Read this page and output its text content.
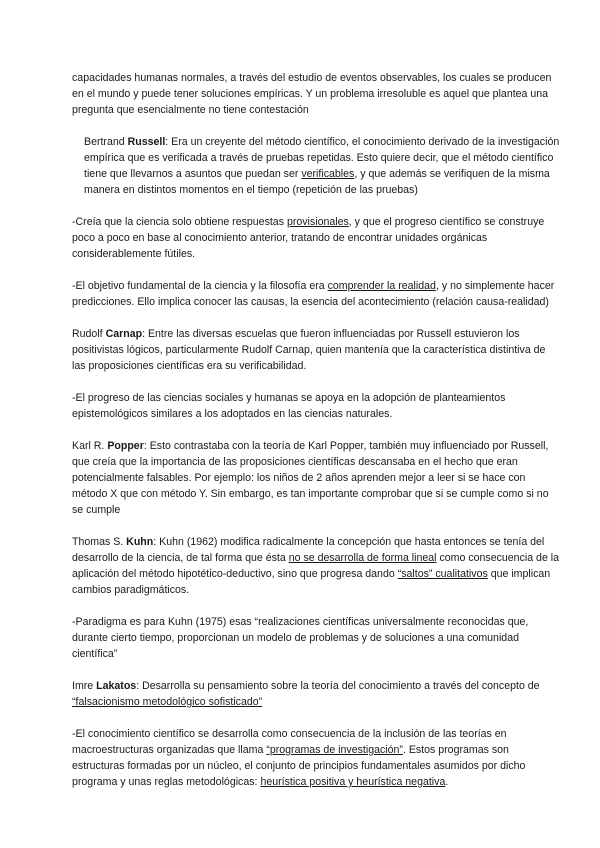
capacidades humanas normales, a través del estudio de eventos observables, los cuales se producen en el mundo y puede tener soluciones empíricas. Y un problema irresoluble es aquel que plantea una pregunta que esencialmente no tiene contestación

Bertrand Russell: Era un creyente del método científico, el conocimiento derivado de la investigación empírica que es verificada a través de pruebas repetidas. Esto quiere decir, que el método científico tiene que llevarnos a asuntos que puedan ser verificables, y que además se verifiquen de la misma manera en distintos momentos en el tiempo (repetición de las pruebas)

-Creía que la ciencia solo obtiene respuestas provisionales, y que el progreso científico se construye poco a poco en base al conocimiento anterior, tratando de encontrar unidades orgánicas considerablemente fútiles.

-El objetivo fundamental de la ciencia y la filosofía era comprender la realidad, y no simplemente hacer predicciones. Ello implica conocer las causas, la esencia del acontecimiento (relación causa-realidad)

Rudolf Carnap: Entre las diversas escuelas que fueron influenciadas por Russell estuvieron los positivistas lógicos, particularmente Rudolf Carnap, quien mantenía que la característica distintiva de las proposiciones científicas era su verificabilidad.

-El progreso de las ciencias sociales y humanas se apoya en la adopción de planteamientos epistemológicos similares a los adoptados en las ciencias naturales.

Karl R. Popper: Esto contrastaba con la teoría de Karl Popper, también muy influenciado por Russell, que creía que la importancia de las proposiciones científicas descansaba en el hecho que eran potencialmente falsables. Por ejemplo: los niños de 2 años aprenden mejor a leer si se hace con método X que con método Y. Sin embargo, es tan importante comprobar que si se cumple como si no se cumple

Thomas S. Kuhn: Kuhn (1962) modifica radicalmente la concepción que hasta entonces se tenía del desarrollo de la ciencia, de tal forma que ésta no se desarrolla de forma lineal como consecuencia de la aplicación del método hipotético-deductivo, sino que progresa dando “saltos” cualitativos que implican cambios paradigmáticos.

-Paradigma es para Kuhn (1975) esas “realizaciones científicas universalmente reconocidas que, durante cierto tiempo, proporcionan un modelo de problemas y de soluciones a una comunidad científica”

Imre Lakatos: Desarrolla su pensamiento sobre la teoría del conocimiento a través del concepto de “falsacionismo metodológico sofisticado”

-El conocimiento científico se desarrolla como consecuencia de la inclusión de las teorías en macroestructuras organizadas que llama “programas de investigación”. Estos programas son estructuras formadas por un núcleo, el conjunto de principios fundamentales asumidos por dicho programa y unas reglas metodológicas: heurística positiva y heurística negativa.
